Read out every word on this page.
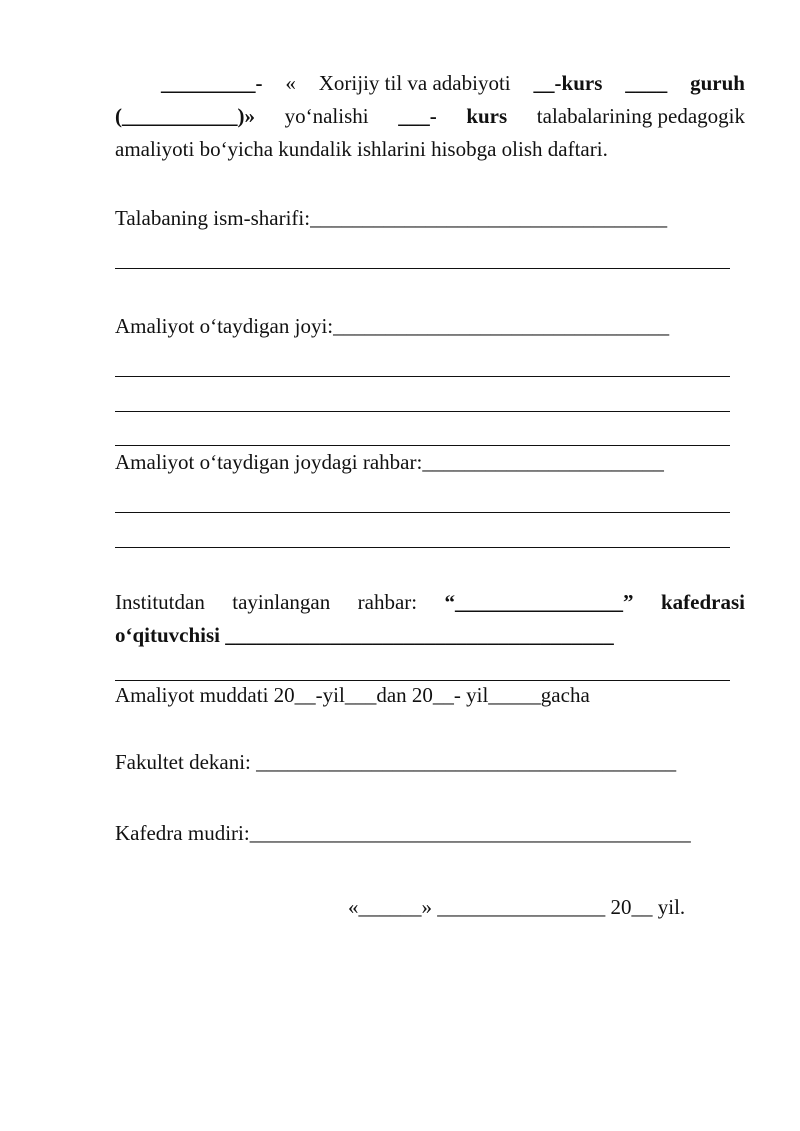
_________- « Xorijiy til va adabiyoti __-kurs ____ guruh
(___________)» yo‘nalishi ___- kurs talabalarining pedagogik
amaliyoti bo‘yicha kundalik ishlarini hisobga olish daftari.
Talabaning ism-sharifi:__________________________________
Amaliyot o‘taydigan joyi:________________________________
Amaliyot o‘taydigan joydagi rahbar:_______________________
Institutdan tayinlangan rahbar: “________________” kafedrasi
o‘qituvchisi _____________________________________
Amaliyot muddati 20__-yil___dan 20__- yil_____gacha
Fakultet dekani: ________________________________________
Kafedra mudiri:__________________________________________
«______» ________________ 20__ yil.
